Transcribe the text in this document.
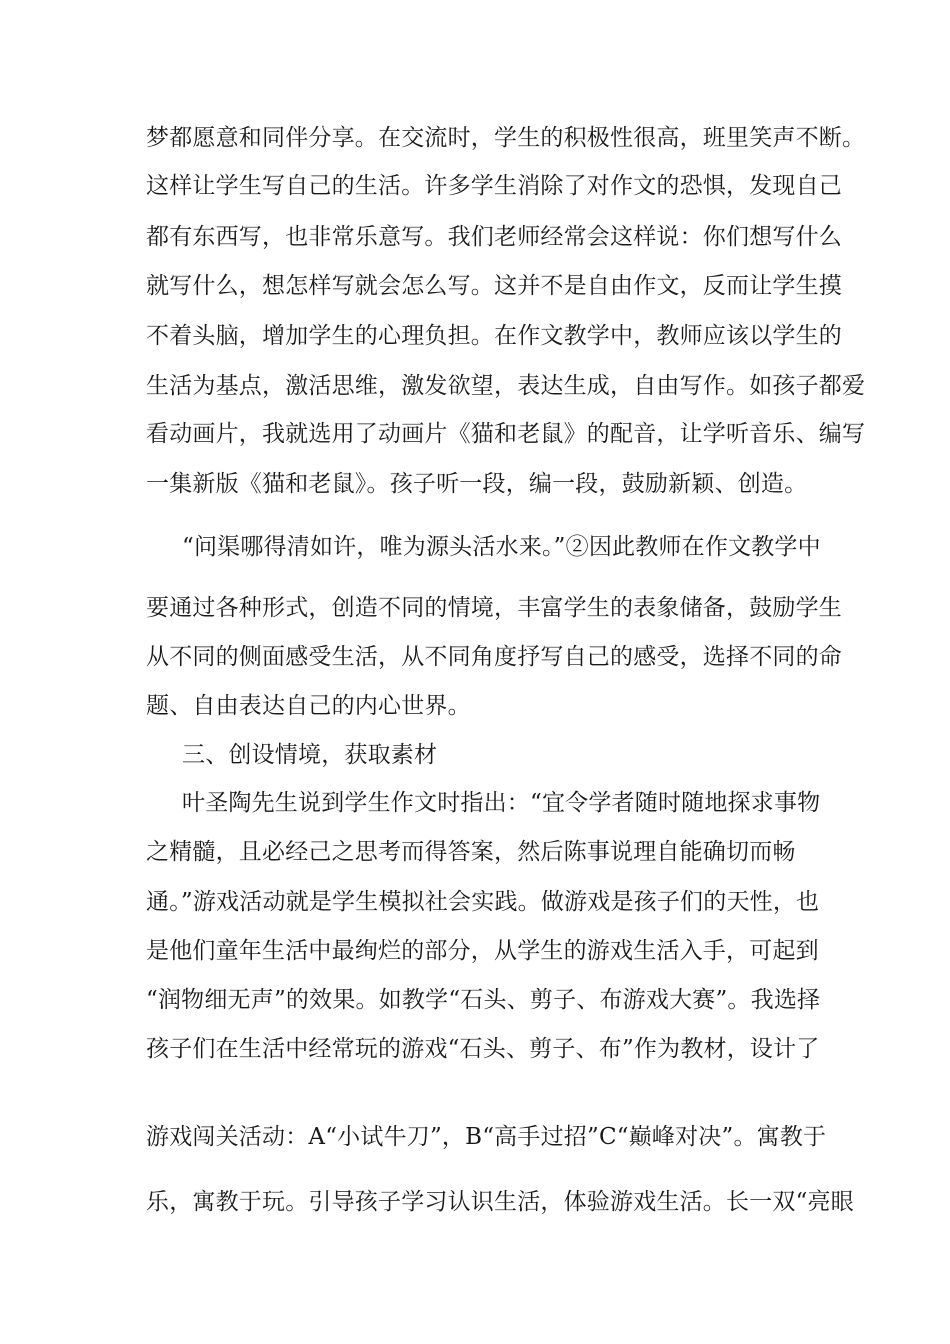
梦都愿意和同伴分享。在交流时，学生的积极性很高，班里笑声不断。
这样让学生写自己的生活。许多学生消除了对作文的恐惧，发现自己
都有东西写，也非常乐意写。我们老师经常会这样说：你们想写什么
就写什么，想怎样写就会怎么写。这并不是自由作文，反而让学生摸
不着头脑，增加学生的心理负担。在作文教学中，教师应该以学生的
生活为基点，激活思维，激发欲望，表达生成，自由写作。如孩子都爱
看动画片，我就选用了动画片《猫和老鼠》的配音，让学听音乐、编写
一集新版《猫和老鼠》。孩子听一段，编一段，鼓励新颖、创造。
“问渠哪得清如许，唯为源头活水来。”②因此教师在作文教学中
要通过各种形式，创造不同的情境，丰富学生的表象储备，鼓励学生
从不同的侧面感受生活，从不同角度抒写自己的感受，选择不同的命
题、自由表达自己的内心世界。
三、创设情境，获取素材
叶圣陶先生说到学生作文时指出：“宜令学者随时随地探求事物
之精髓，且必经己之思考而得答案，然后陈事说理自能确切而畅
通。”游戏活动就是学生模拟社会实践。做游戏是孩子们的天性，也
是他们童年生活中最绚烂的部分，从学生的游戏生活入手，可起到
“润物细无声”的效果。如教学“石头、剪子、布游戏大赛”。我选择
孩子们在生活中经常玩的游戏“石头、剪子、布”作为教材，设计了
游戏闯关活动：A“小试牛刀”，B“高手过招”C“巅峰对决”。寓教于
乐，寓教于玩。引导孩子学习认识生活，体验游戏生活。长一双“亮眼
